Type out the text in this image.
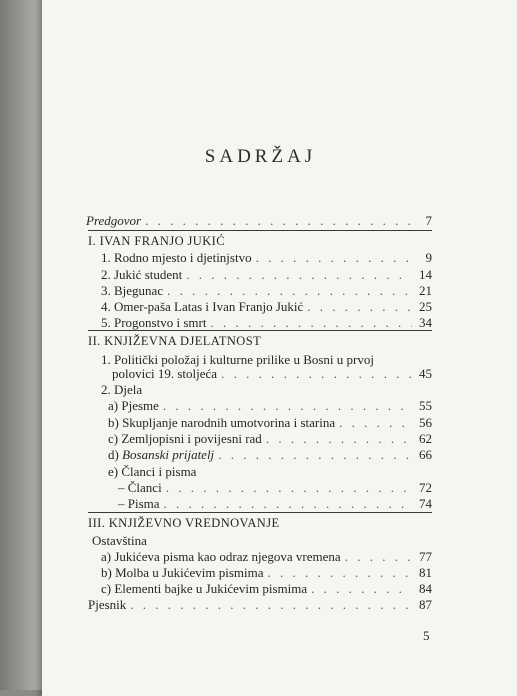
SADRŽAJ
Predgovor . . .	7
I. IVAN FRANJO JUKIĆ
1. Rodno mjesto i djetinjstvo . . .	9
2. Jukić student . . .	14
3. Bjegunac . . .	21
4. Omer-paša Latas i Ivan Franjo Jukić . . .	25
5. Progonstvo i smrt . . .	34
II. KNJIŽEVNA DJELATNOST
1. Politički položaj i kulturne prilike u Bosni u prvoj
polovici 19. stoljeća . . .	45
2. Djela
a) Pjesme . . .	55
b) Skupljanje narodnih umotvorina i starina . . .	56
c) Zemljopisni i povijesni rad . . .	62
d) Bosanski prijatelj . . .	66
e) Članci i pisma
– Članci . . .	72
– Pisma . . .	74
III. KNJIŽEVNO VREDNOVANJE
Ostavština
a) Jukićeva pisma kao odraz njegova vremena . . .	77
b) Molba u Jukićevim pismima . . .	81
c) Elementi bajke u Jukićevim pismima . . .	84
Pjesnik . . .	87
5
